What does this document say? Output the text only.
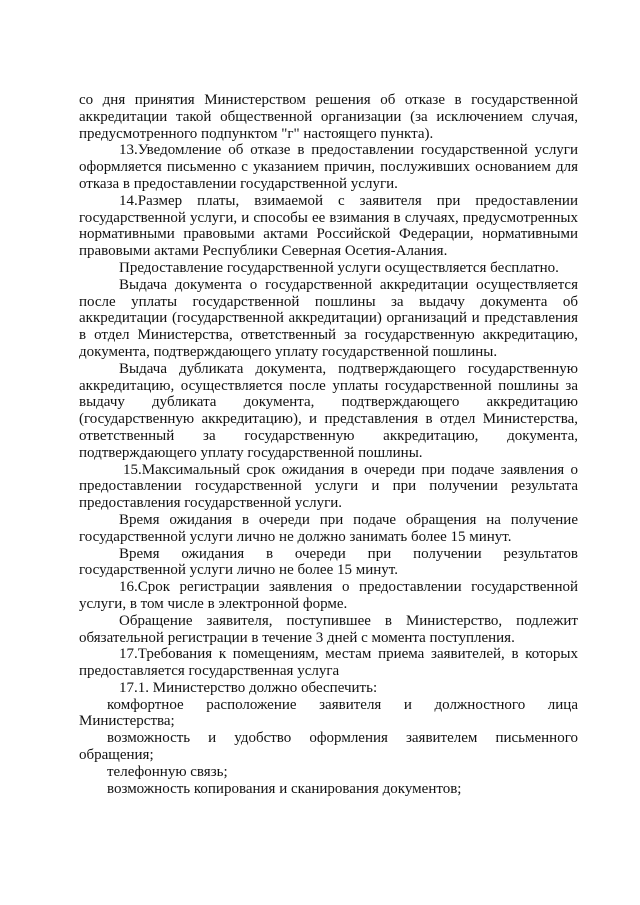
со дня принятия Министерством решения об отказе в государственной аккредитации такой общественной организации (за исключением случая, предусмотренного подпунктом "г" настоящего пункта).

13.Уведомление об отказе в предоставлении государственной услуги оформляется письменно с указанием причин, послуживших основанием для отказа в предоставлении государственной услуги.

14.Размер платы, взимаемой с заявителя при предоставлении государственной услуги, и способы ее взимания в случаях, предусмотренных нормативными правовыми актами Российской Федерации, нормативными правовыми актами Республики Северная Осетия-Алания.

Предоставление государственной услуги осуществляется бесплатно.

Выдача документа о государственной аккредитации осуществляется после уплаты государственной пошлины за выдачу документа об аккредитации (государственной аккредитации) организаций и представления в отдел Министерства, ответственный за государственную аккредитацию, документа, подтверждающего уплату государственной пошлины.

Выдача дубликата документа, подтверждающего государственную аккредитацию, осуществляется после уплаты государственной пошлины за выдачу дубликата документа, подтверждающего аккредитацию (государственную аккредитацию), и представления в отдел Министерства, ответственный за государственную аккредитацию, документа, подтверждающего уплату государственной пошлины.

15.Максимальный срок ожидания в очереди при подаче заявления о предоставлении государственной услуги и при получении результата предоставления государственной услуги.

Время ожидания в очереди при подаче обращения на получение государственной услуги лично не должно занимать более 15 минут.

Время ожидания в очереди при получении результатов государственной услуги лично не более 15 минут.

16.Срок регистрации заявления о предоставлении государственной услуги, в том числе в электронной форме.

Обращение заявителя, поступившее в Министерство, подлежит обязательной регистрации в течение 3 дней с момента поступления.

17.Требования к помещениям, местам приема заявителей, в которых предоставляется государственная услуга

17.1. Министерство должно обеспечить:

комфортное расположение заявителя и должностного лица Министерства;

возможность и удобство оформления заявителем письменного обращения;

телефонную связь;

возможность копирования и сканирования документов;
